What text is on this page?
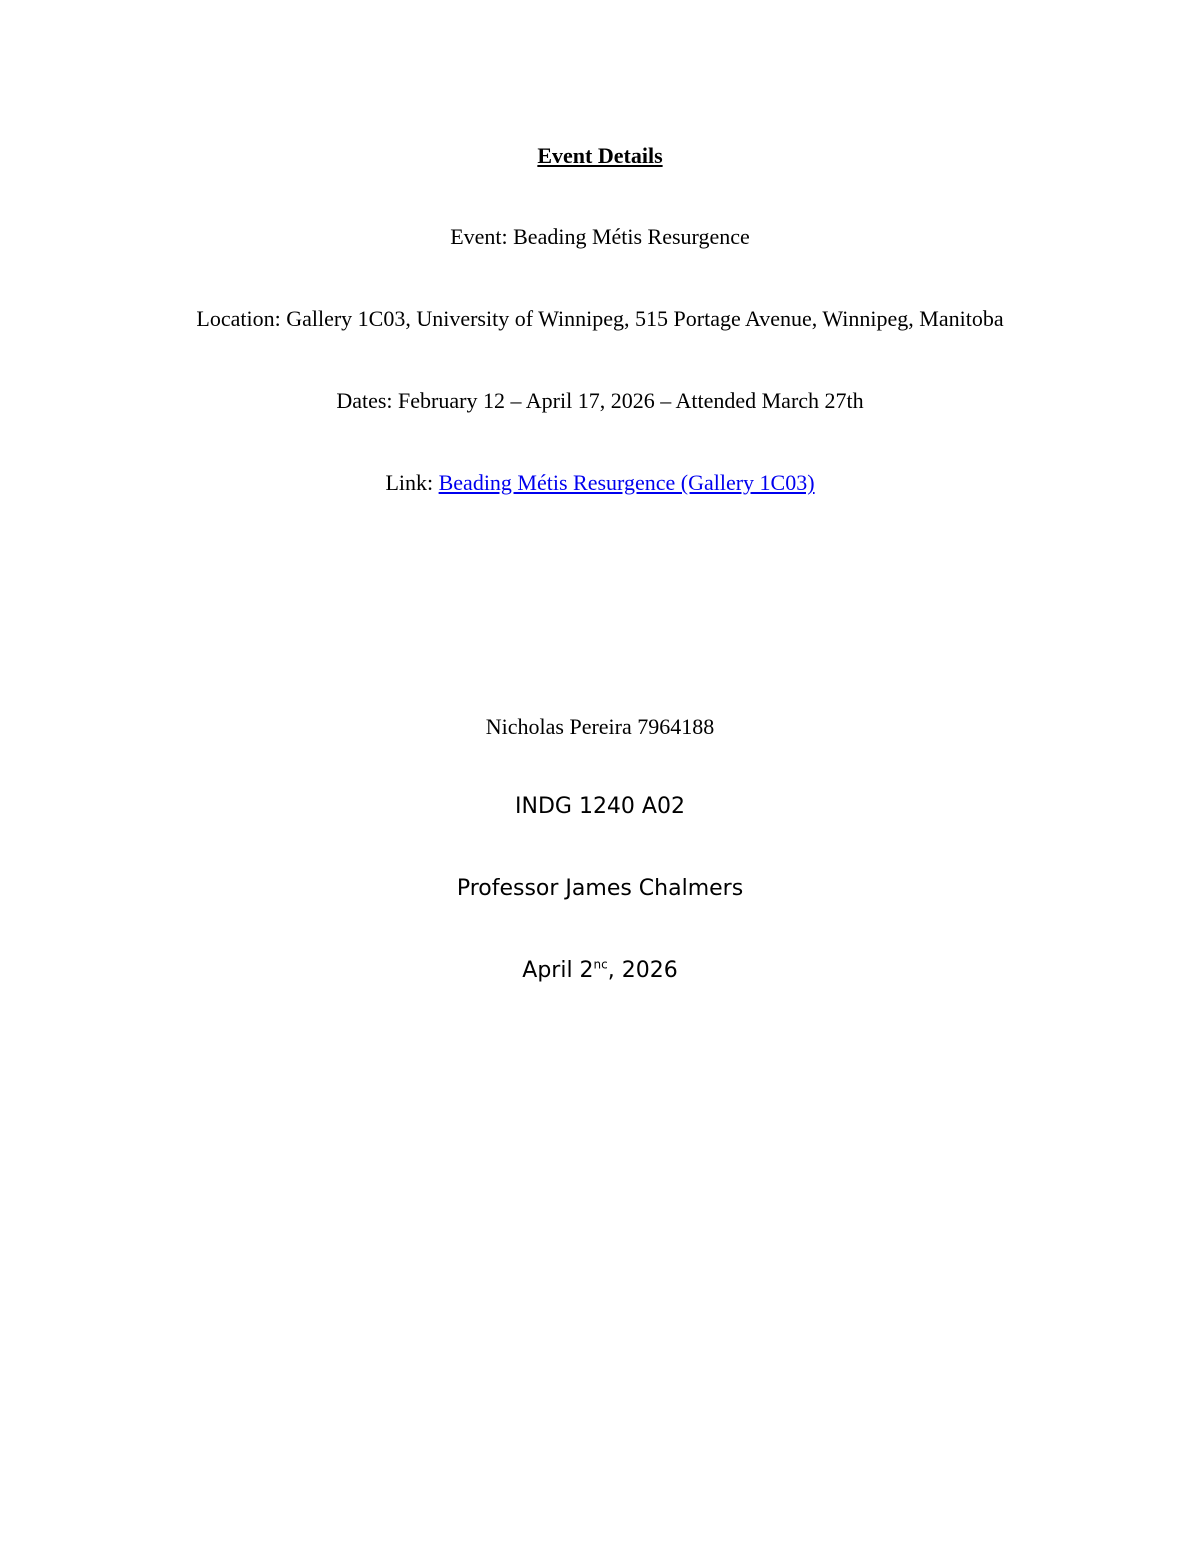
Event Details
Event: Beading Métis Resurgence
Location: Gallery 1C03, University of Winnipeg, 515 Portage Avenue, Winnipeg, Manitoba
Dates: February 12 – April 17, 2026 – Attended March 27th
Link: Beading Métis Resurgence (Gallery 1C03)
Nicholas Pereira 7964188
INDG 1240 A02
Professor James Chalmers
April $2^{nc}$, 2026
